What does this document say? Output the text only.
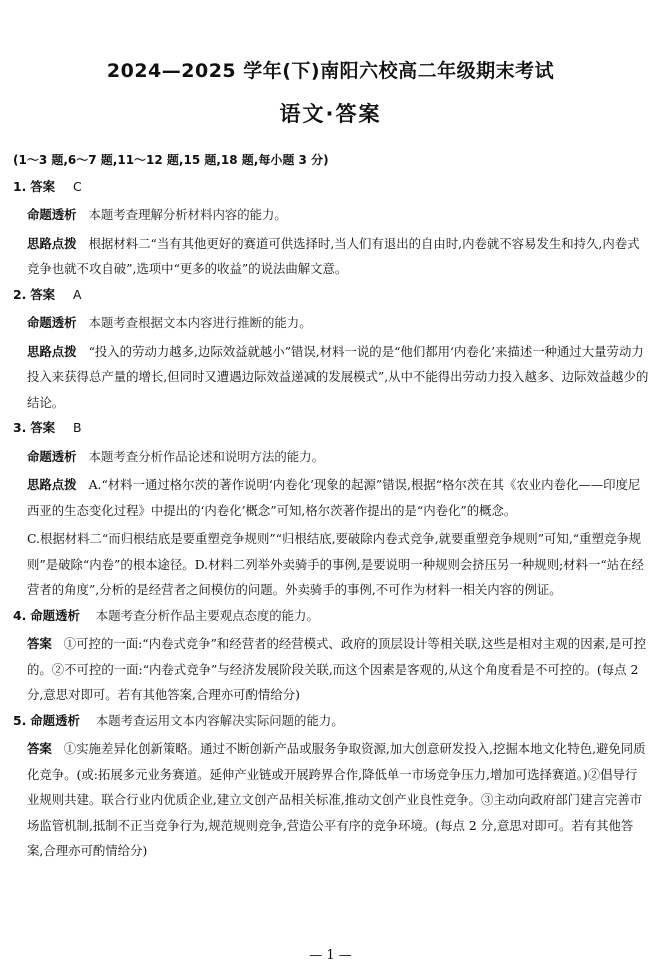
2024—2025 学年(下)南阳六校高二年级期末考试
语文·答案
(1～3 题,6～7 题,11～12 题,15 题,18 题,每小题 3 分)
1. 答案 C
命题透析 本题考查理解分析材料内容的能力。
思路点拨 根据材料二“当有其他更好的赛道可供选择时,当人们有退出的自由时,内卷就不容易发生和持久,内卷式竞争也就不攻自破”,选项中“更多的收益”的说法曲解文意。
2. 答案 A
命题透析 本题考查根据文本内容进行推断的能力。
思路点拨 “投入的劳动力越多,边际效益就越小”错误,材料一说的是“他们都用‘内卷化’来描述一种通过大量劳动力投入来获得总产量的增长,但同时又遭遇边际效益递减的发展模式”,从中不能得出劳动力投入越多、边际效益越少的结论。
3. 答案 B
命题透析 本题考查分析作品论述和说明方法的能力。
思路点拨 A.“材料一通过格尔茨的著作说明‘内卷化’现象的起源”错误,根据“格尔茨在其《农业内卷化——印度尼西亚的生态变化过程》中提出的‘内卷化’概念”可知,格尔茨著作提出的是“内卷化”的概念。
C.根据材料二“而归根结底是要重塑竞争规则”“归根结底,要破除内卷式竞争,就要重塑竞争规则”可知,“重塑竞争规则”是破除“内卷”的根本途径。D.材料二列举外卖骑手的事例,是要说明一种规则会挤压另一种规则;材料一“站在经营者的角度”,分析的是经营者之间模仿的问题。外卖骑手的事例,不可作为材料一相关内容的例证。
4. 命题透析 本题考查分析作品主要观点态度的能力。
答案 ①可控的一面:“内卷式竞争”和经营者的经营模式、政府的顶层设计等相关联,这些是相对主观的因素,是可控的。②不可控的一面:“内卷式竞争”与经济发展阶段关联,而这个因素是客观的,从这个角度看是不可控的。(每点 2 分,意思对即可。若有其他答案,合理亦可酌情给分)
5. 命题透析 本题考查运用文本内容解决实际问题的能力。
答案 ①实施差异化创新策略。通过不断创新产品或服务争取资源,加大创意研发投入,挖掘本地文化特色,避免同质化竞争。(或:拓展多元业务赛道。延伸产业链或开展跨界合作,降低单一市场竞争压力,增加可选择赛道。)②倡导行业规则共建。联合行业内优质企业,建立文创产品相关标准,推动文创产业良性竞争。③主动向政府部门建言完善市场监管机制,抵制不正当竞争行为,规范规则竞争,营造公平有序的竞争环境。(每点 2 分,意思对即可。若有其他答案,合理亦可酌情给分)
— 1 —
